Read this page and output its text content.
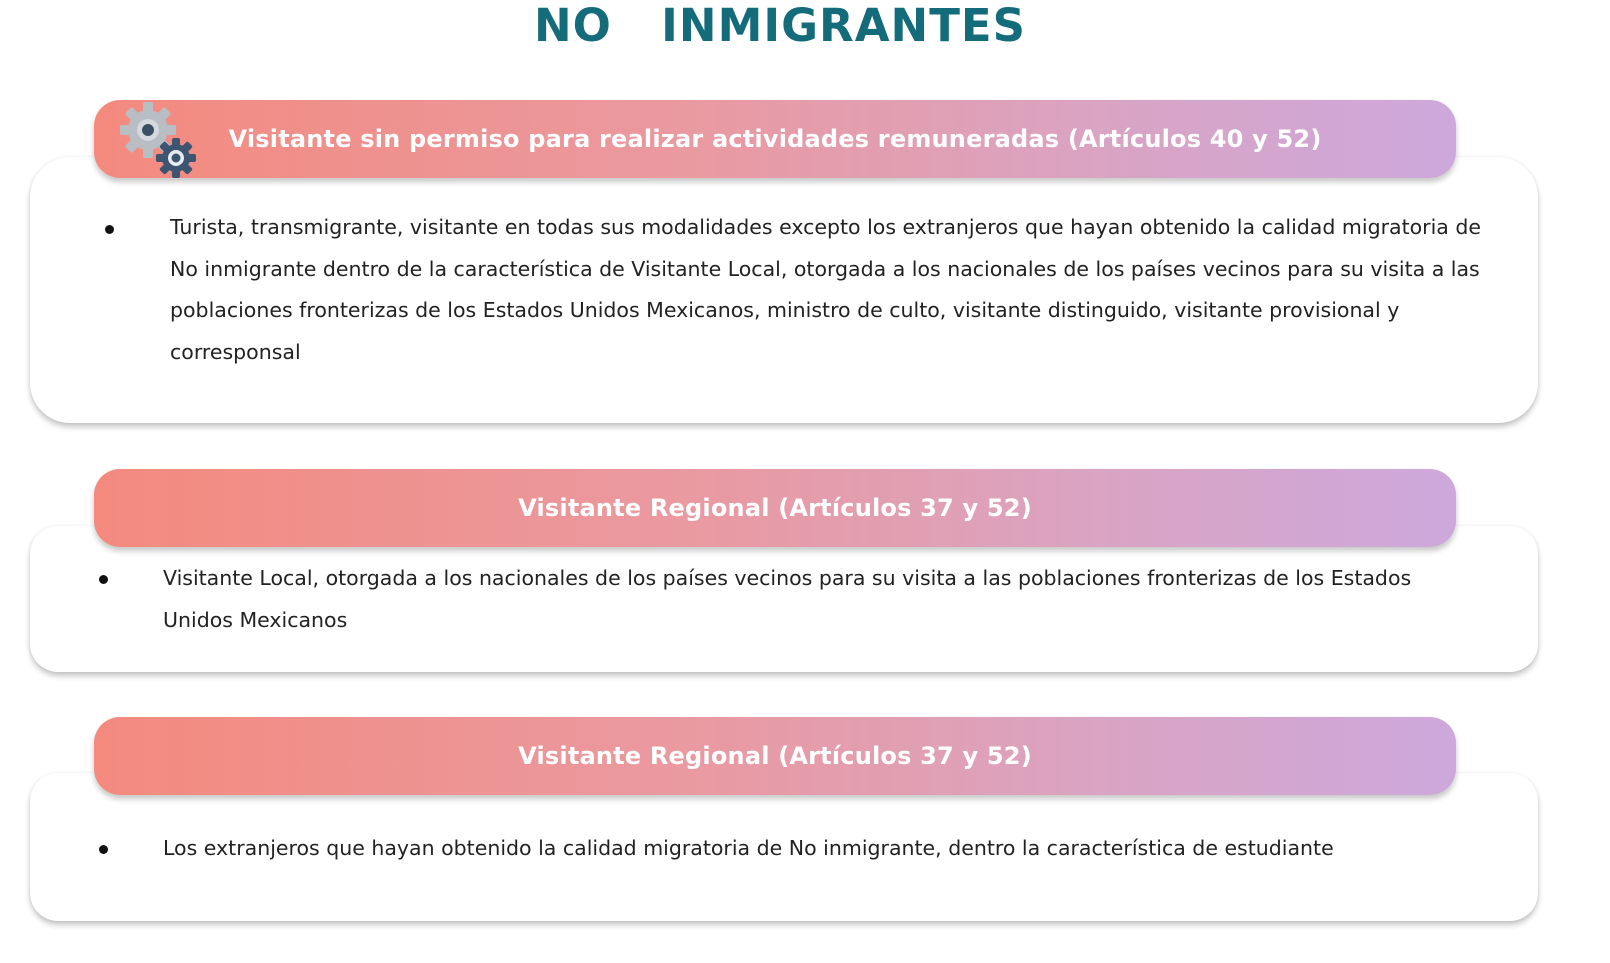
NO  INMIGRANTES
Visitante sin permiso para realizar actividades remuneradas (Artículos 40 y 52)
Turista, transmigrante, visitante en todas sus modalidades excepto los extranjeros que hayan obtenido la calidad migratoria de No inmigrante dentro de la característica de Visitante Local, otorgada a los nacionales de los países vecinos para su visita a las poblaciones fronterizas de los Estados Unidos Mexicanos, ministro de culto, visitante distinguido, visitante provisional y corresponsal
Visitante Regional (Artículos 37 y 52)
Visitante Local, otorgada a los nacionales de los países vecinos para su visita a las poblaciones fronterizas de los Estados Unidos Mexicanos
Visitante Regional (Artículos 37 y 52)
Los extranjeros que hayan obtenido la calidad migratoria de No inmigrante, dentro la característica de estudiante
